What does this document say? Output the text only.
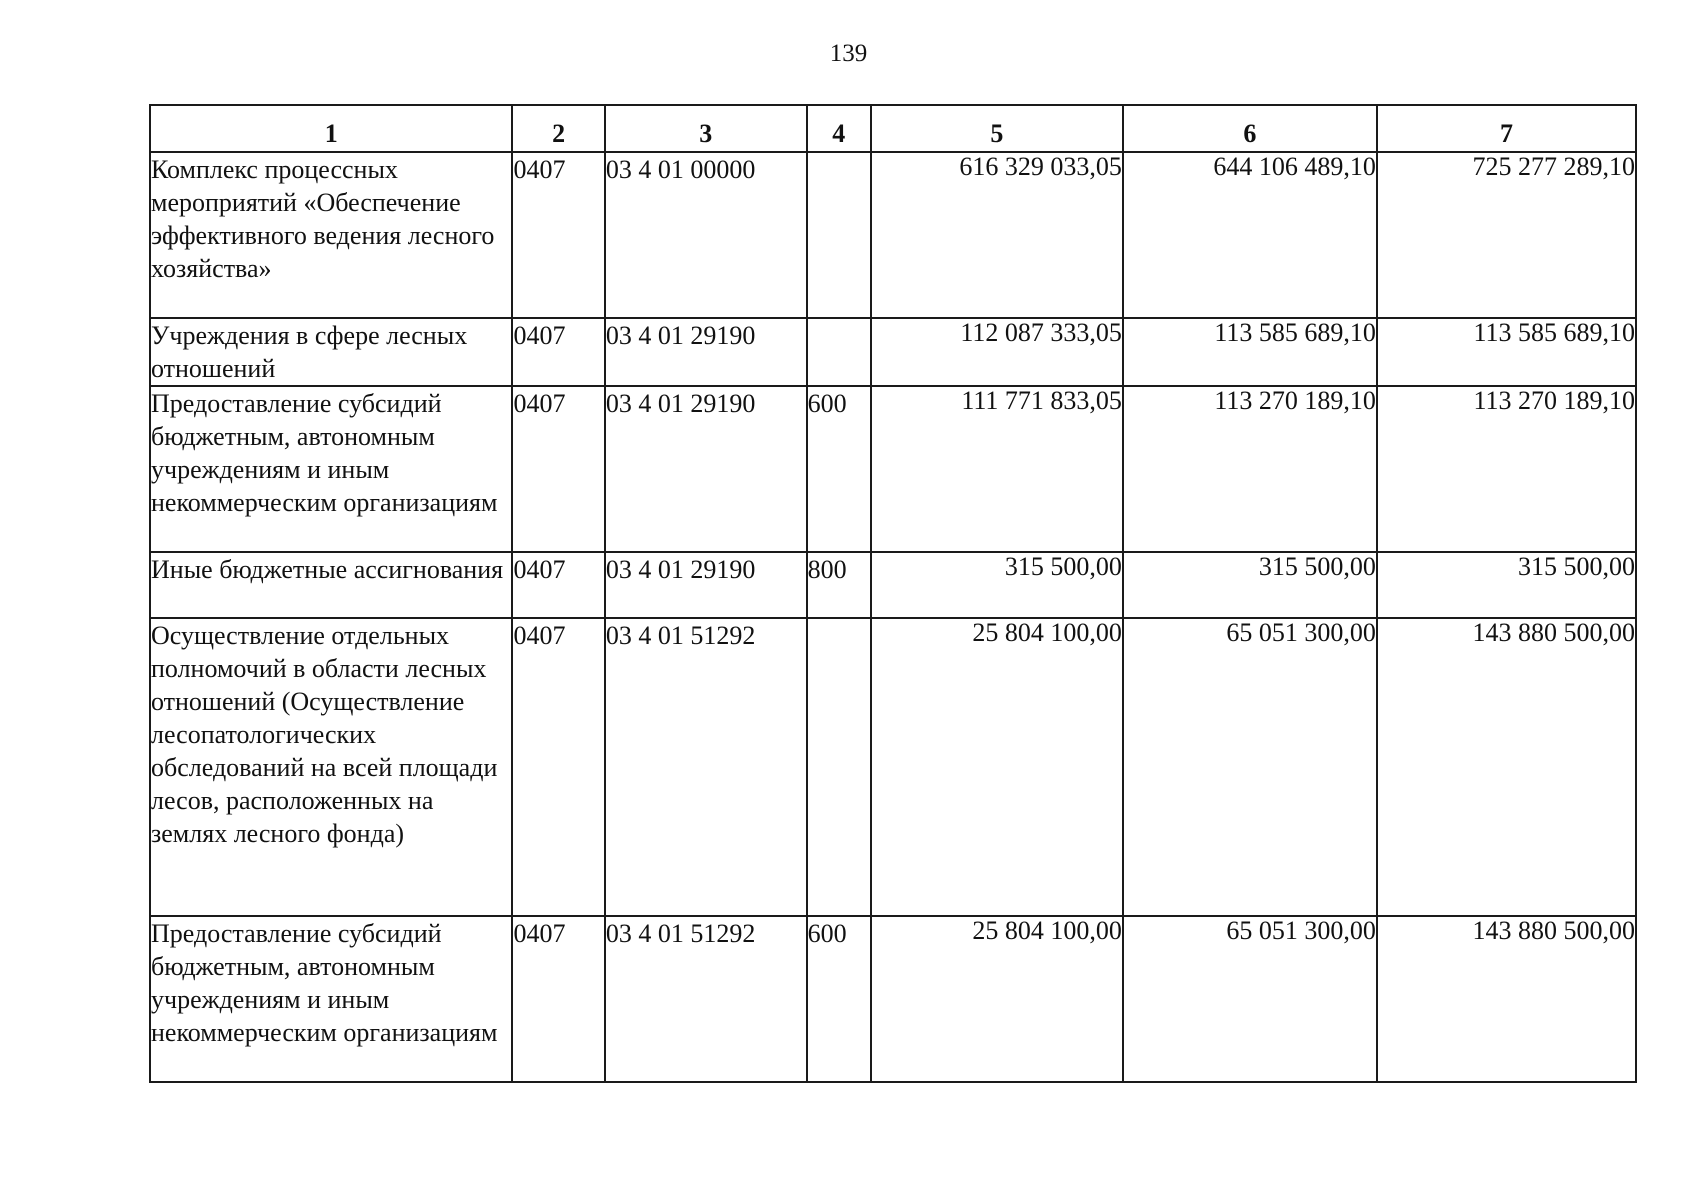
139
1	2	3	4	5	6	7
Комплекс процессных мероприятий «Обеспечение эффективного ведения лесного хозяйства»	0407	03 4 01 00000		616 329 033,05	644 106 489,10	725 277 289,10

Учреждения в сфере лесных отношений	0407	03 4 01 29190		112 087 333,05	113 585 689,10	113 585 689,10

Предоставление субсидий бюджетным, автономным учреждениям и иным некоммерческим организациям	0407	03 4 01 29190	600	111 771 833,05	113 270 189,10	113 270 189,10

Иные бюджетные ассигнования	0407	03 4 01 29190	800	315 500,00	315 500,00	315 500,00

Осуществление отдельных полномочий в области лесных отношений (Осуществление лесопатологических обследований на всей площади лесов, расположенных на землях лесного фонда)	0407	03 4 01 51292		25 804 100,00	65 051 300,00	143 880 500,00

Предоставление субсидий бюджетным, автономным учреждениям и иным некоммерческим организациям	0407	03 4 01 51292	600	25 804 100,00	65 051 300,00	143 880 500,00
